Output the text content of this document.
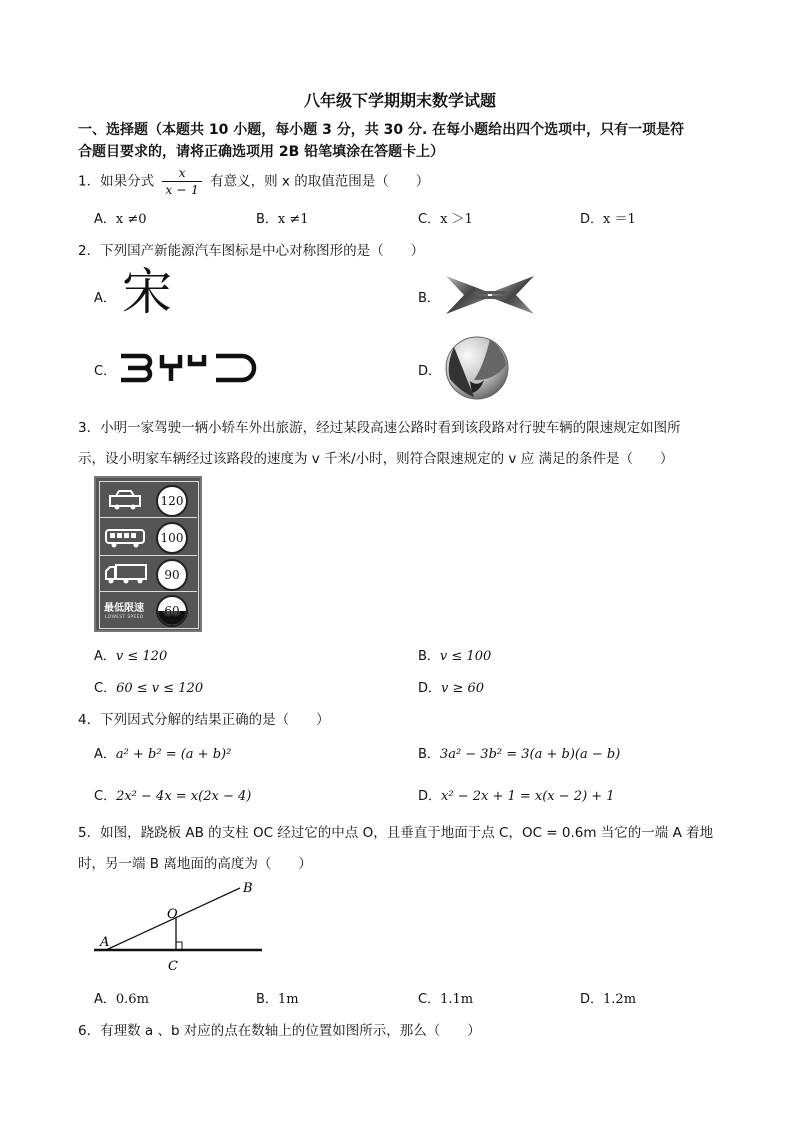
八年级下学期期末数学试题
一、选择题（本题共 10 小题，每小题 3 分，共 30 分. 在每小题给出四个选项中，只有一项是符
合题目要求的，请将正确选项用 2B 铅笔填涂在答题卡上）
1．如果分式 $\frac{x}{x - 1}$ 有意义，则 x 的取值范围是（　　）
A．x ≠0	B．x ≠1	C．x ＞1	D．x ＝1
2．下列国产新能源汽车图标是中心对称图形的是（　　）
A． 宋	B．
C．	D．
3．小明一家驾驶一辆小轿车外出旅游，经过某段高速公路时看到该段路对行驶车辆的限速规定如图所
示，设小明家车辆经过该路段的速度为 v 千米/小时，则符合限速规定的 v 应 满足的条件是（　　）
120
100
90
最低限速
LOWEST SPEED	60
A．v ≤ 120	B．v ≤ 100
C．60 ≤ v ≤ 120	D．v ≥ 60
4．下列因式分解的结果正确的是（　　）
A．a² + b² = (a + b)²	B．3a² − 3b² = 3(a + b)(a − b)
C．2x² − 4x = x(2x − 4)	D．x² − 2x + 1 = x(x − 2) + 1
5．如图，跷跷板 AB 的支柱 OC 经过它的中点 O，且垂直于地面于点 C，OC = 0.6m 当它的一端 A 着地
时，另一端 B 离地面的高度为（　　）
A
B
O
C
A．0.6m	B．1m	C．1.1m	D．1.2m
6．有理数 a 、b 对应的点在数轴上的位置如图所示，那么（　　）
